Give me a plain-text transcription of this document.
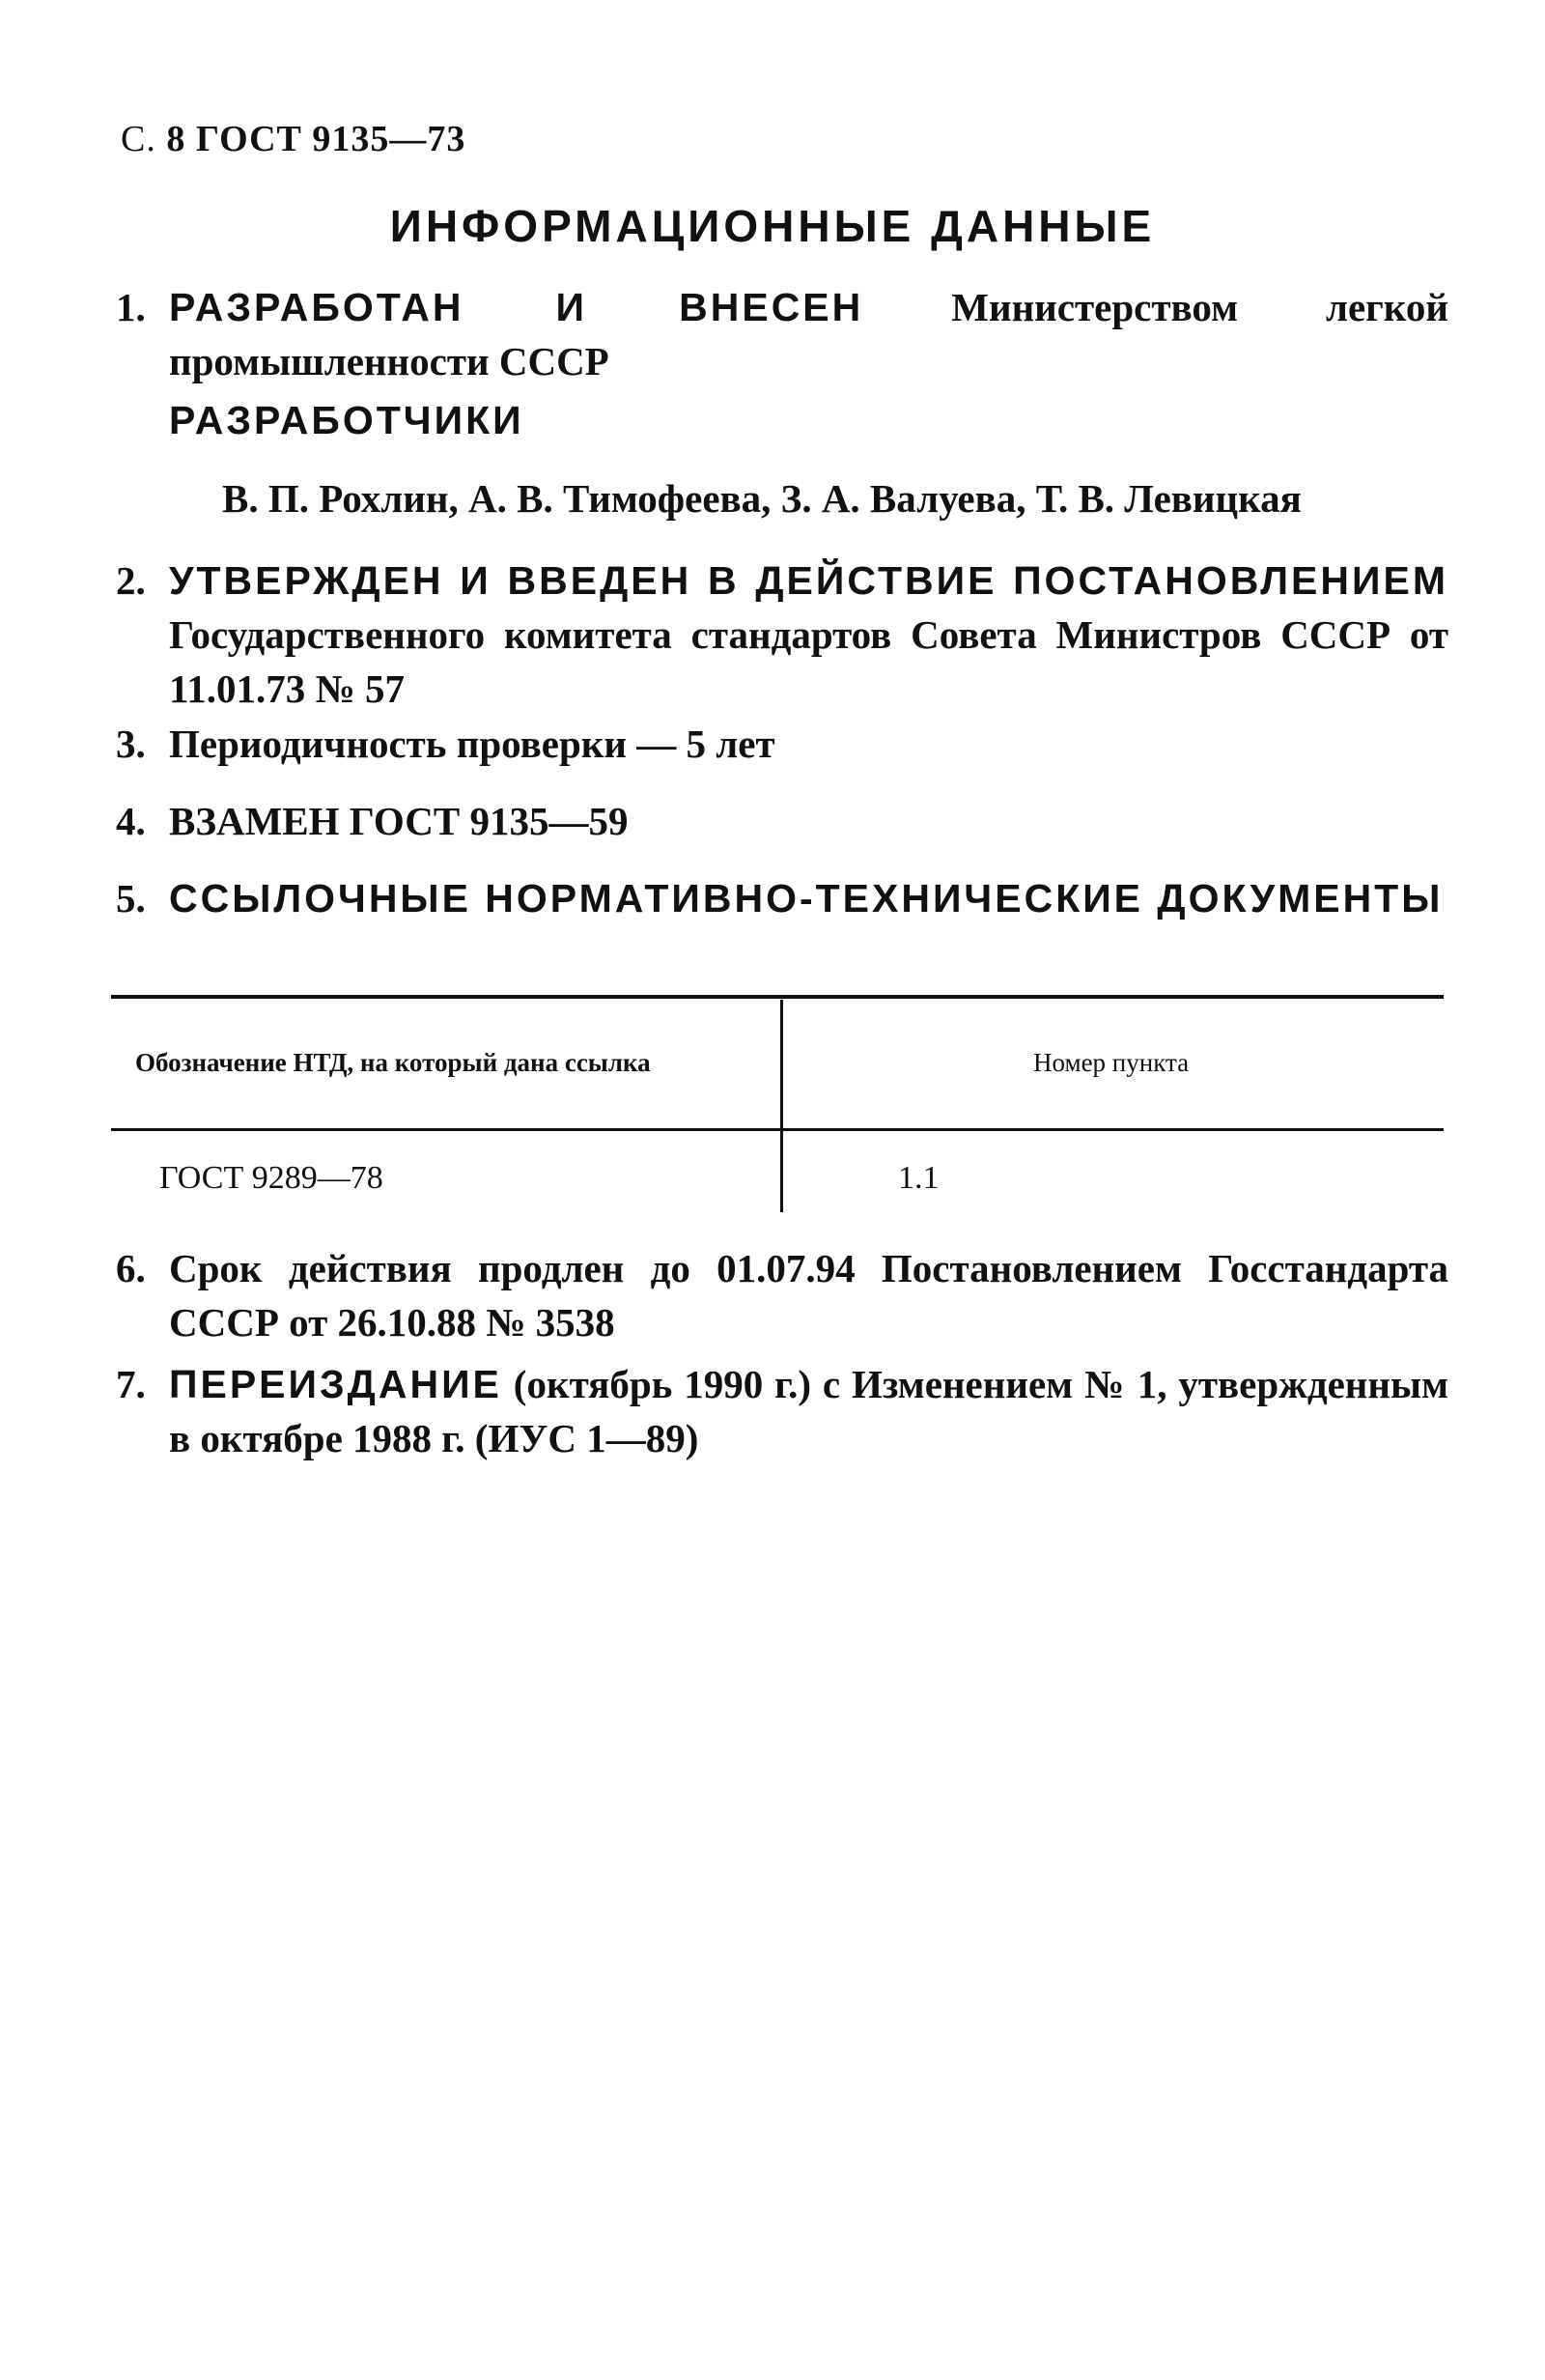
С. 8 ГОСТ 9135—73
ИНФОРМАЦИОННЫЕ ДАННЫЕ
1. РАЗРАБОТАН И ВНЕСЕН Министерством легкой промышленности СССР
РАЗРАБОТЧИКИ
В. П. Рохлин, А. В. Тимофеева, З. А. Валуева, Т. В. Левицкая
2. УТВЕРЖДЕН И ВВЕДЕН В ДЕЙСТВИЕ ПОСТАНОВЛЕНИЕМ Государственного комитета стандартов Совета Министров СССР от 11.01.73 № 57
3. Периодичность проверки — 5 лет
4. ВЗАМЕН ГОСТ 9135—59
5. ССЫЛОЧНЫЕ НОРМАТИВНО-ТЕХНИЧЕСКИЕ ДОКУМЕНТЫ
Обозначение НТД, на который дана ссылка	Номер пункта
ГОСТ 9289—78	1.1
6. Срок действия продлен до 01.07.94 Постановлением Госстандарта СССР от 26.10.88 № 3538
7. ПЕРЕИЗДАНИЕ (октябрь 1990 г.) с Изменением № 1, утвержденным в октябре 1988 г. (ИУС 1—89)
